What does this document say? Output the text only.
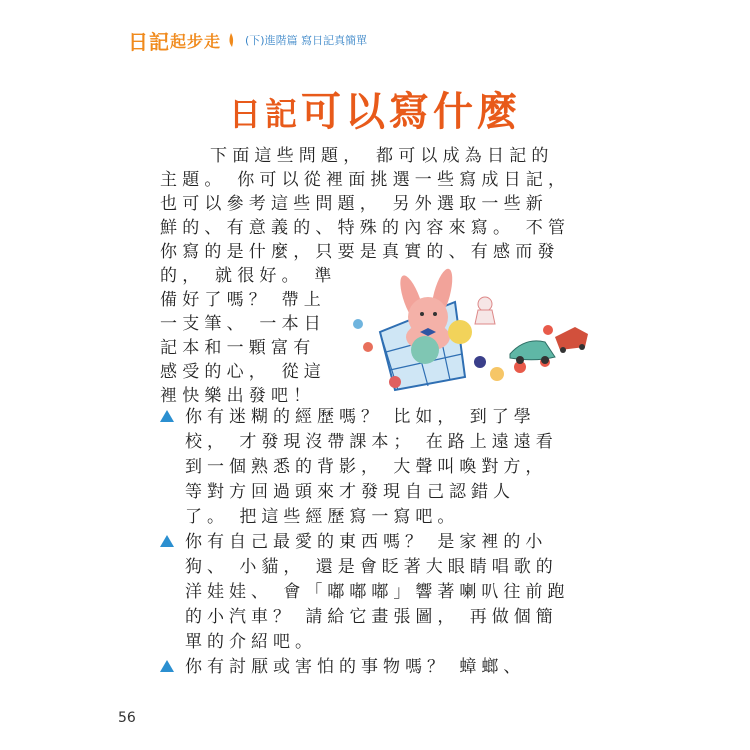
日記 起步走 (下)進階篇 寫日記真簡單
日記可以寫什麼
下面這些問題， 都可以成為日記的
主題。 你可以從裡面挑選一些寫成日記，
也可以參考這些問題， 另外選取一些新
鮮的、有意義的、特殊的內容來寫。 不管
你寫的是什麼，只要是真實的、有感而發
的， 就很好。 準
備好了嗎？ 帶上
一支筆、 一本日
記本和一顆富有
感受的心， 從這
裡快樂出發吧！
你有迷糊的經歷嗎？ 比如， 到了學
校， 才發現沒帶課本； 在路上遠遠看
到一個熟悉的背影， 大聲叫喚對方，
等對方回過頭來才發現自己認錯人
了。 把這些經歷寫一寫吧。
你有自己最愛的東西嗎？ 是家裡的小
狗、 小貓， 還是會眨著大眼睛唱歌的
洋娃娃、 會「嘟嘟嘟」響著喇叭往前跑
的小汽車？ 請給它畫張圖， 再做個簡
單的介紹吧。
你有討厭或害怕的事物嗎？ 蟑螂、
56
